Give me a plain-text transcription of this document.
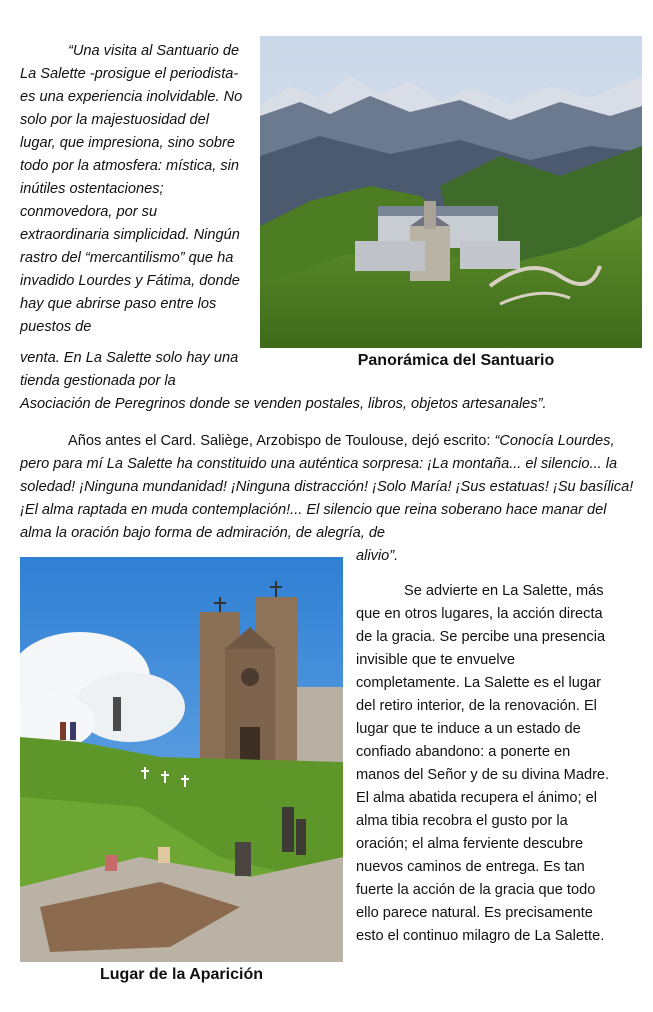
“Una visita al Santuario de La Salette -prosigue el periodista- es una experiencia inolvidable. No solo por la majestuosidad del lugar, que impresiona, sino sobre todo por la atmosfera: mística, sin inútiles ostentaciones; conmovedora, por su extraordinaria simplicidad. Ningún rastro del “mercantilismo” que ha invadido Lourdes y Fátima, donde hay que abrirse paso entre los puestos de

venta. En La Salette solo hay una
tienda gestionada por la
Asociación de Peregrinos donde se venden postales, libros, objetos artesanales”.
Panorámica del Santuario

Años antes el Card. Saliège, Arzobispo de Toulouse, dejó escrito: “Conocía Lourdes, pero para mí La Salette ha constituido una auténtica sorpresa: ¡La montaña... el silencio... la soledad! ¡Ninguna mundanidad! ¡Ninguna distracción! ¡Solo María! ¡Sus estatuas! ¡Su basílica! ¡El alma raptada en muda contemplación!... El silencio que reina soberano hace manar del alma la oración bajo forma de admiración, de alegría, de

alivio”.
Lugar de la Aparición

Se advierte en La Salette, más que en otros lugares, la acción directa de la gracia. Se percibe una presencia invisible que te envuelve completamente. La Salette es el lugar del retiro interior, de la renovación. El lugar que te induce a un estado de confiado abandono: a ponerte en manos del Señor y de su divina Madre. El alma abatida recupera el ánimo; el alma tibia recobra el gusto por la oración; el alma ferviente descubre nuevos caminos de entrega. Es tan fuerte la acción de la gracia que todo ello parece natural. Es precisamente esto el continuo milagro de La Salette.
